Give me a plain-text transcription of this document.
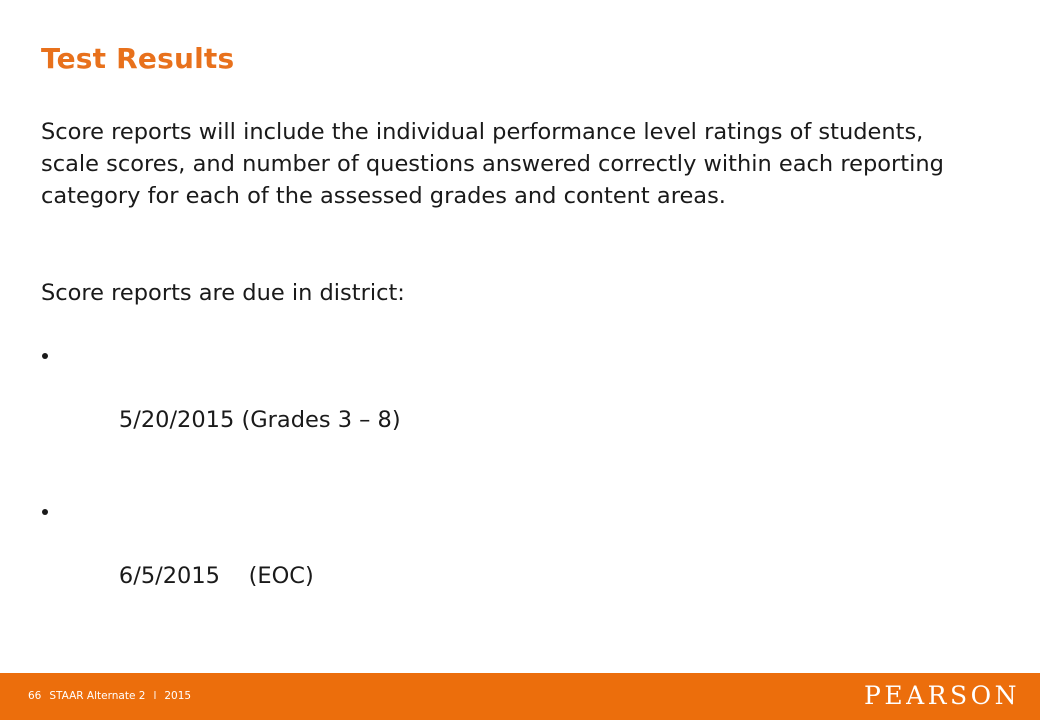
Test Results

Score reports will include the individual performance level ratings of students, scale scores, and number of questions answered correctly within each reporting category for each of the assessed grades and content areas.

Score reports are due in district:

5/20/2015 (Grades 3 – 8)

6/5/2015    (EOC)

66 STAAR Alternate 2 l 2015	PEARSON
